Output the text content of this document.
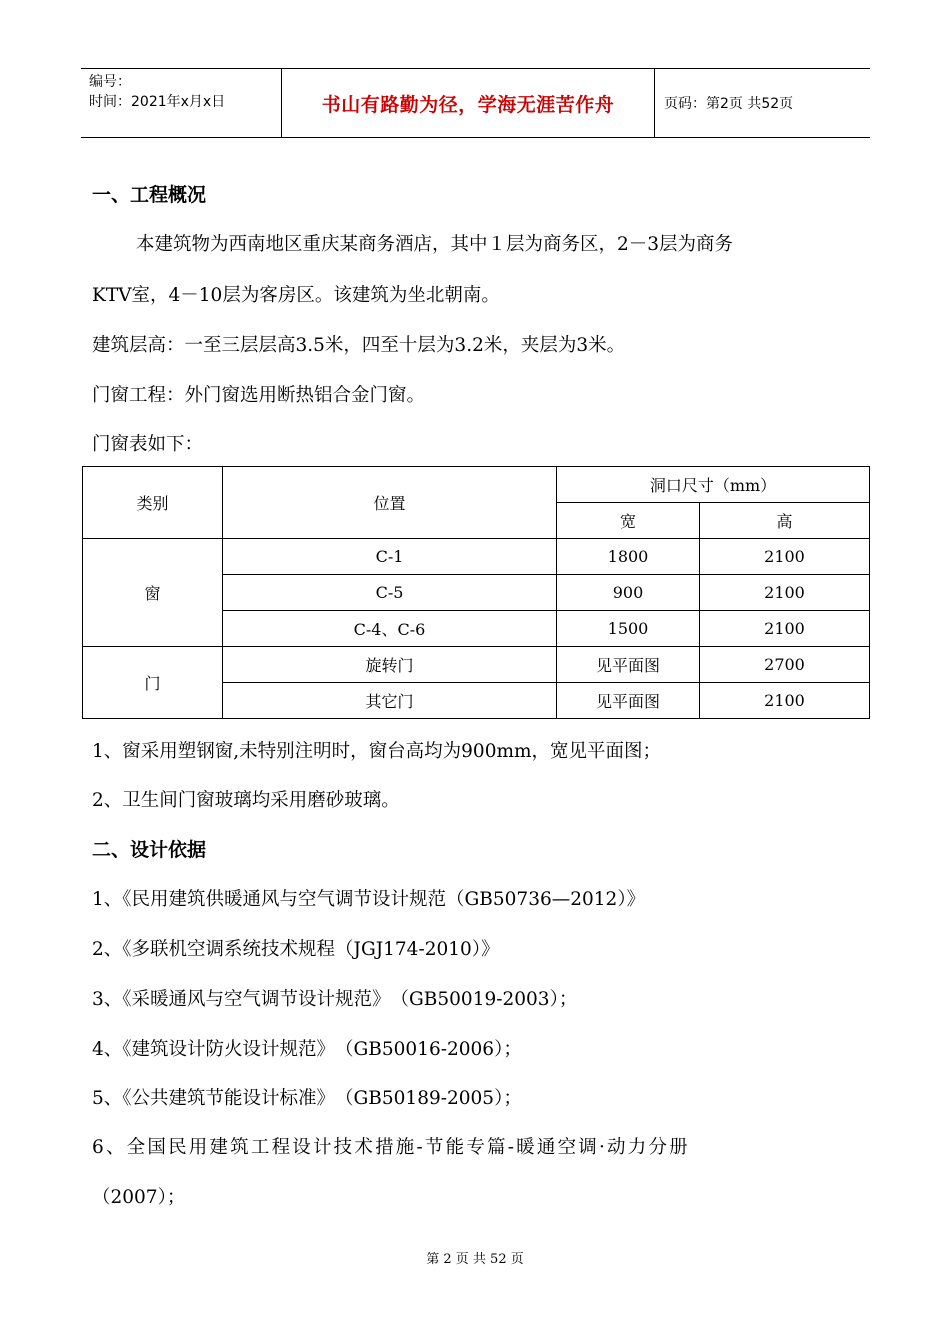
编号：
时间：2021年x月x日	书山有路勤为径，学海无涯苦作舟	页码：第2页 共52页
一、工程概况
本建筑物为西南地区重庆某商务酒店，其中１层为商务区，2－3层为商务
KTV室，4－10层为客房区。该建筑为坐北朝南。
建筑层高：一至三层层高3.5米，四至十层为3.2米，夹层为3米。
门窗工程：外门窗选用断热铝合金门窗。
门窗表如下：
类别	位置	洞口尺寸（mm）	
		宽	高
窗	C-1	1800	2100
	C-5	900	2100
	C-4、C-6	1500	2100
门	旋转门	见平面图	2700
	其它门	见平面图	2100
1、窗采用塑钢窗,未特别注明时，窗台高均为900mm，宽见平面图；
2、卫生间门窗玻璃均采用磨砂玻璃。
二、设计依据
1、《民用建筑供暖通风与空气调节设计规范（GB50736—2012）》
2、《多联机空调系统技术规程（JGJ174-2010）》
3、《采暖通风与空气调节设计规范》　（GB50019-2003）；
4、《建筑设计防火设计规范》　（GB50016-2006）；
5、《公共建筑节能设计标准》　（GB50189-2005）；
6、全国民用建筑工程设计技术措施-节能专篇-暖通空调·动力分册
（2007）；
第 2 页 共 52 页
